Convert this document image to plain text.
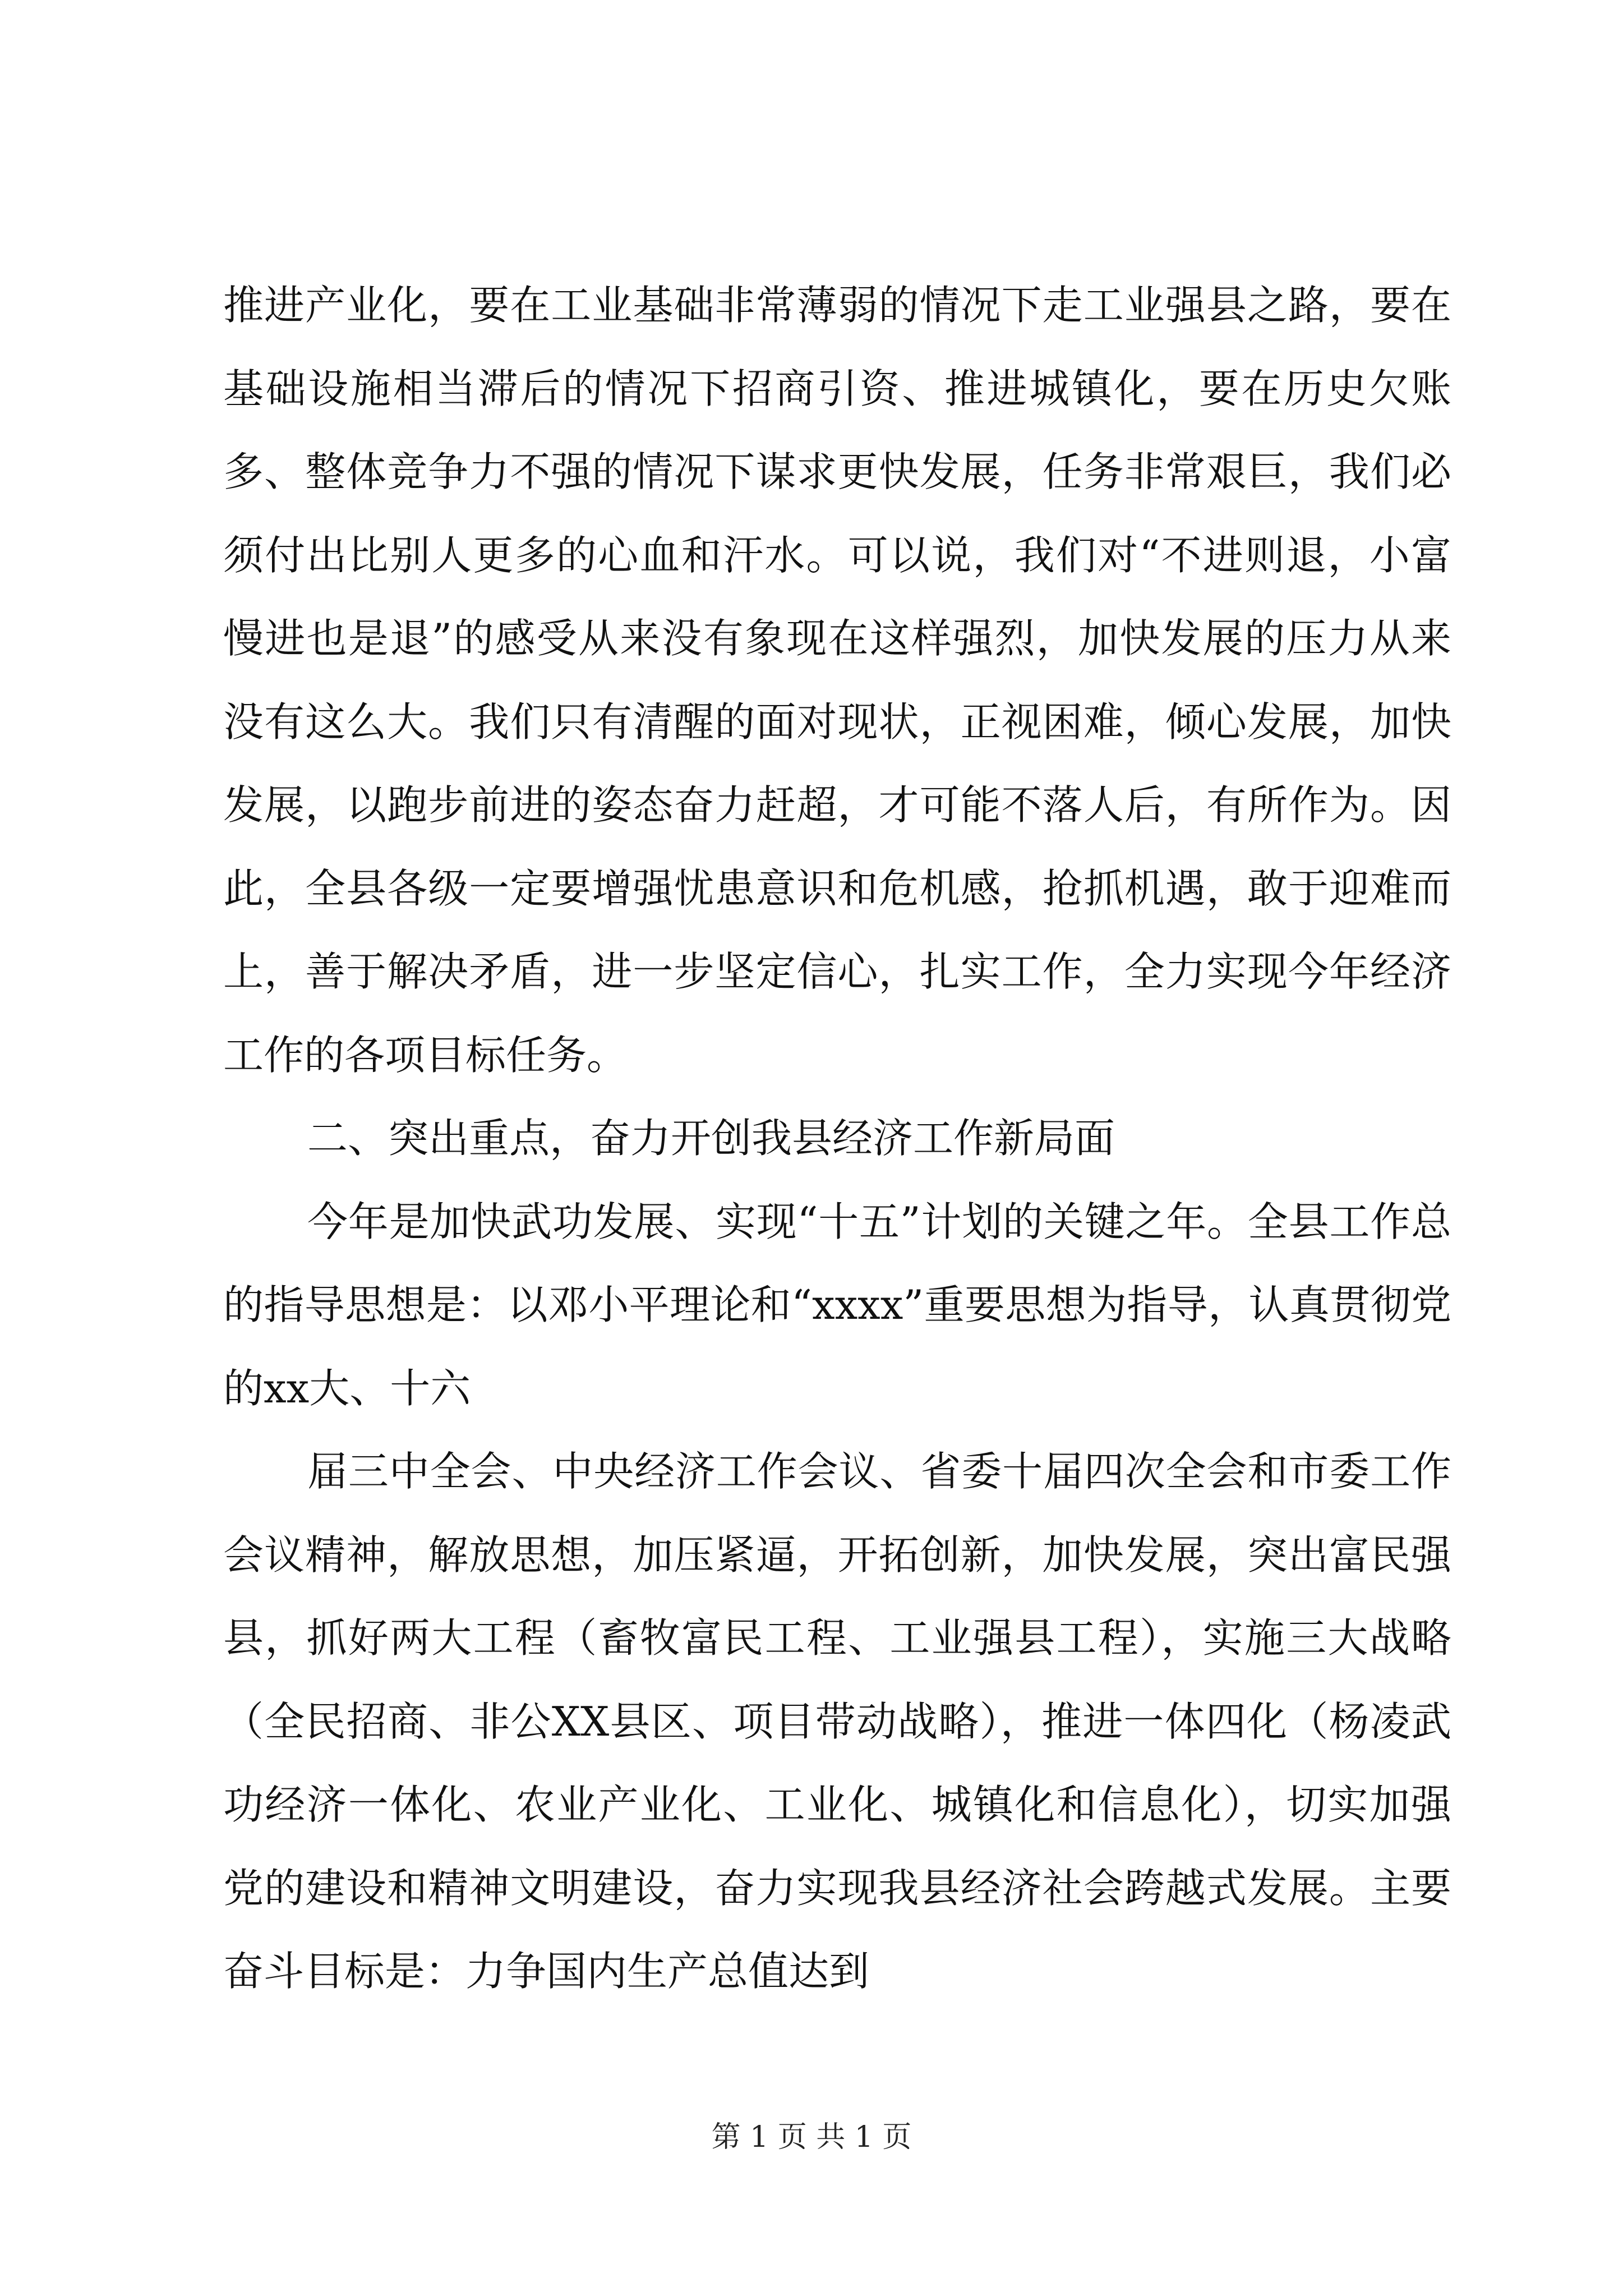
推进产业化，要在工业基础非常薄弱的情况下走工业强县之路，要在基础设施相当滞后的情况下招商引资、推进城镇化，要在历史欠账多、整体竞争力不强的情况下谋求更快发展，任务非常艰巨，我们必须付出比别人更多的心血和汗水。可以说，我们对“不进则退，小富慢进也是退”的感受从来没有象现在这样强烈，加快发展的压力从来没有这么大。我们只有清醒的面对现状，正视困难，倾心发展，加快发展，以跑步前进的姿态奋力赶超，才可能不落人后，有所作为。因此，全县各级一定要增强忧患意识和危机感，抢抓机遇，敢于迎难而上，善于解决矛盾，进一步坚定信心，扎实工作，全力实现今年经济工作的各项目标任务。

二、突出重点，奋力开创我县经济工作新局面

今年是加快武功发展、实现“十五”计划的关键之年。全县工作总的指导思想是：以邓小平理论和“xxxx”重要思想为指导，认真贯彻党的xx大、十六

届三中全会、中央经济工作会议、省委十届四次全会和市委工作会议精神，解放思想，加压紧逼，开拓创新，加快发展，突出富民强县，抓好两大工程（畜牧富民工程、工业强县工程），实施三大战略（全民招商、非公XX县区、项目带动战略），推进一体四化（杨凌武功经济一体化、农业产业化、工业化、城镇化和信息化），切实加强党的建设和精神文明建设，奋力实现我县经济社会跨越式发展。主要奋斗目标是：力争国内生产总值达到

第 1 页 共 1 页
